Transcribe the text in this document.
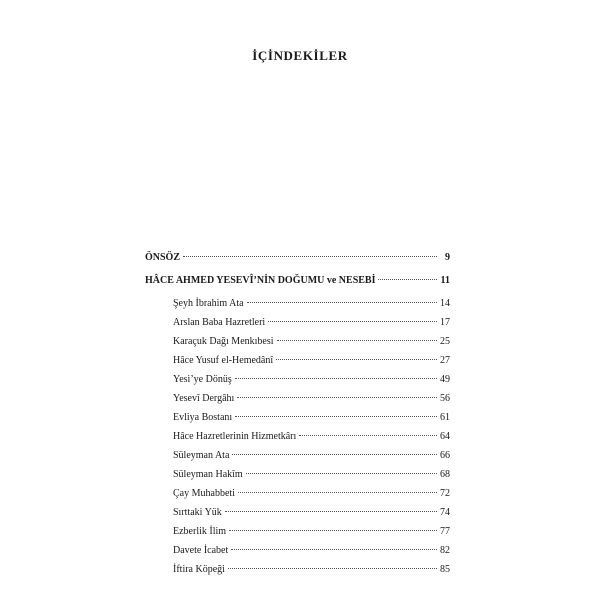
İÇİNDEKİLER
ÖNSÖZ	9
HÂCE AHMED YESEVÎ’NİN DOĞUMU ve NESEBİ	11
Şeyh İbrahim Ata	14
Arslan Baba Hazretleri	17
Karaçuk Dağı Menkıbesi	25
Hâce Yusuf el-Hemedânî	27
Yesi’ye Dönüş	49
Yesevî Dergâhı	56
Evliya Bostanı	61
Hâce Hazretlerinin Hizmetkârı	64
Süleyman Ata	66
Süleyman Hakîm	68
Çay Muhabbeti	72
Sırttaki Yük	74
Ezberlik İlim	77
Davete İcabet	82
İftira Köpeği	85
